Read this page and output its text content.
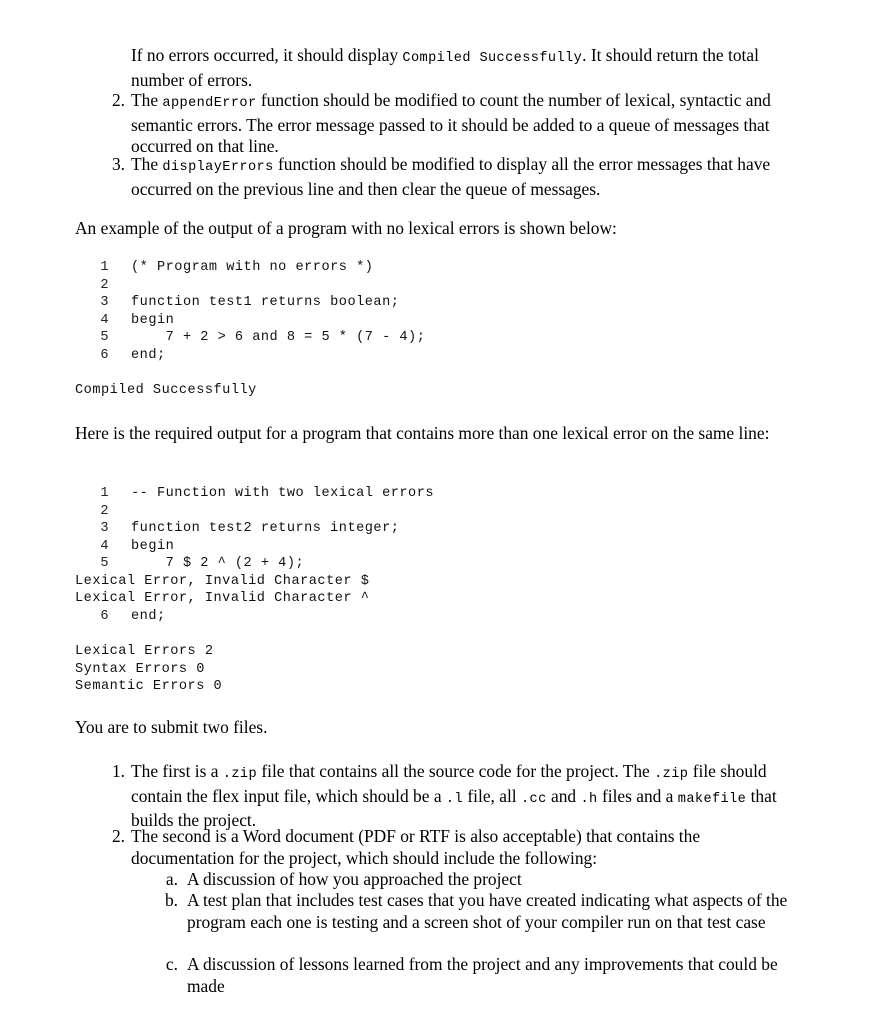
If no errors occurred, it should display Compiled Successfully. It should return the total number of errors.
2. The appendError function should be modified to count the number of lexical, syntactic and semantic errors. The error message passed to it should be added to a queue of messages that occurred on that line.
3. The displayErrors function should be modified to display all the error messages that have occurred on the previous line and then clear the queue of messages.
An example of the output of a program with no lexical errors is shown below:
1 (* Program with no errors *)
2
3 function test1 returns boolean;
4 begin
5 7 + 2 > 6 and 8 = 5 * (7 - 4);
6 end;
Compiled Successfully
Here is the required output for a program that contains more than one lexical error on the same line:
1 -- Function with two lexical errors
2
3 function test2 returns integer;
4 begin
5 7 $ 2 ^ (2 + 4);
Lexical Error, Invalid Character $
Lexical Error, Invalid Character ^
6 end;
Lexical Errors 2
Syntax Errors 0
Semantic Errors 0
You are to submit two files.
1. The first is a .zip file that contains all the source code for the project. The .zip file should contain the flex input file, which should be a .l file, all .cc and .h files and a makefile that builds the project.
2. The second is a Word document (PDF or RTF is also acceptable) that contains the documentation for the project, which should include the following:
a. A discussion of how you approached the project
b. A test plan that includes test cases that you have created indicating what aspects of the program each one is testing and a screen shot of your compiler run on that test case
c. A discussion of lessons learned from the project and any improvements that could be made
